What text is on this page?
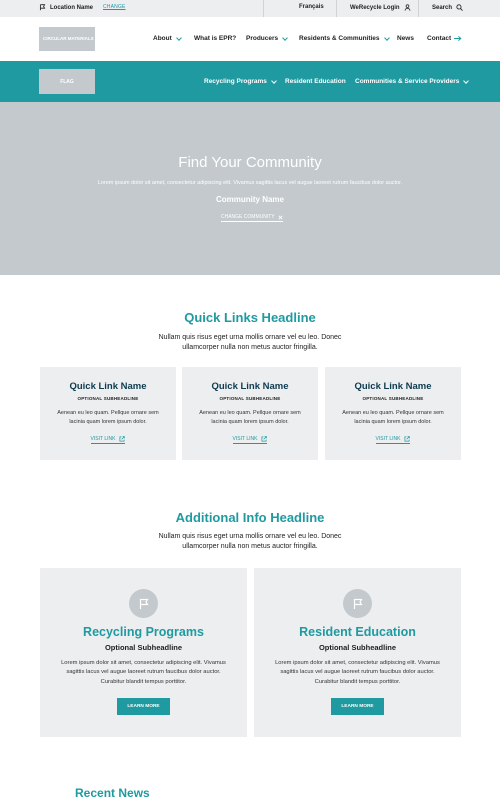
Location Name CHANGE	Français	WeRecycle Login	Search
CIRCULAR MATERIALS	About	What is EPR? Producers	Residents & Communities	News Contact
FLAG	Recycling Programs	Resident Education Communities & Service Providers
Find Your Community

Lorem ipsum dolor sit amet, consectetur adipiscing elit. Vivamus sagittis lacus vel augue laoreet rutrum faucibus dolor auctor.

Community Name

CHANGE COMMUNITY
Quick Links Headline

Nullam quis risus eget urna mollis ornare vel eu leo. Donec ullamcorper nulla non metus auctor fringilla.

Quick Link Name
OPTIONAL SUBHEADLINE
Aenean eu leo quam. Pellque ornare sem lacinia quam lorem ipsum dolor.
VISIT LINK
Quick Link Name
OPTIONAL SUBHEADLINE
Aenean eu leo quam. Pellque ornare sem lacinia quam lorem ipsum dolor.
VISIT LINK
Quick Link Name
OPTIONAL SUBHEADLINE
Aenean eu leo quam. Pellque ornare sem lacinia quam lorem ipsum dolor.
VISIT LINK
Additional Info Headline

Nullam quis risus eget urna mollis ornare vel eu leo. Donec ullamcorper nulla non metus auctor fringilla.

Recycling Programs
Optional Subheadline
Lorem ipsum dolor sit amet, consectetur adipiscing elit. Vivamus sagittis lacus vel augue laoreet rutrum faucibus dolor auctor. Curabitur blandit tempus porttitor.
LEARN MORE
Resident Education
Optional Subheadline
Lorem ipsum dolor sit amet, consectetur adipiscing elit. Vivamus sagittis lacus vel augue laoreet rutrum faucibus dolor auctor. Curabitur blandit tempus porttitor.
LEARN MORE
Recent News
